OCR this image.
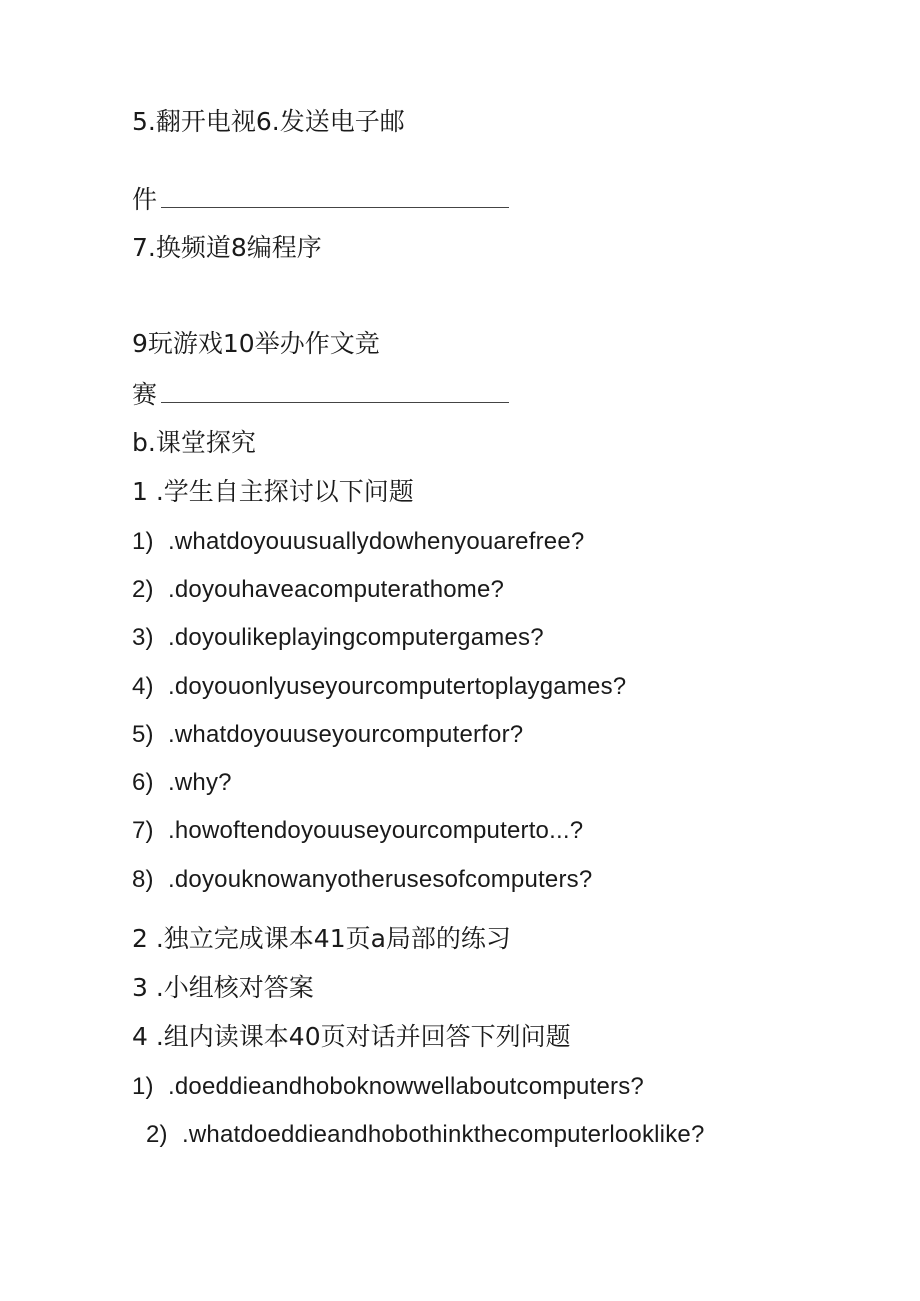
5.翻开电视6.发送电子邮
件
7.换频道8编程序
9玩游戏10举办作文竞
赛
b.课堂探究
1 .学生自主探讨以下问题
1) .whatdoyouusuallydowhenyouarefree?
2) .doyouhaveacomputerathome?
3) .doyoulikeplayingcomputergames?
4) .doyouonlyuseyourcomputertoplaygames?
5) .whatdoyouuseyourcomputerfor?
6) .why?
7) .howoftendoyouuseyourcomputerto...?
8) .doyouknowanyotherusesofcomputers?
2 .独立完成课本41页a局部的练习
3 .小组核对答案
4 .组内读课本40页对话并回答下列问题
1) .doeddieandhoboknowwellaboutcomputers?
2) .whatdoeddieandhobothinkthecomputerlooklike?
